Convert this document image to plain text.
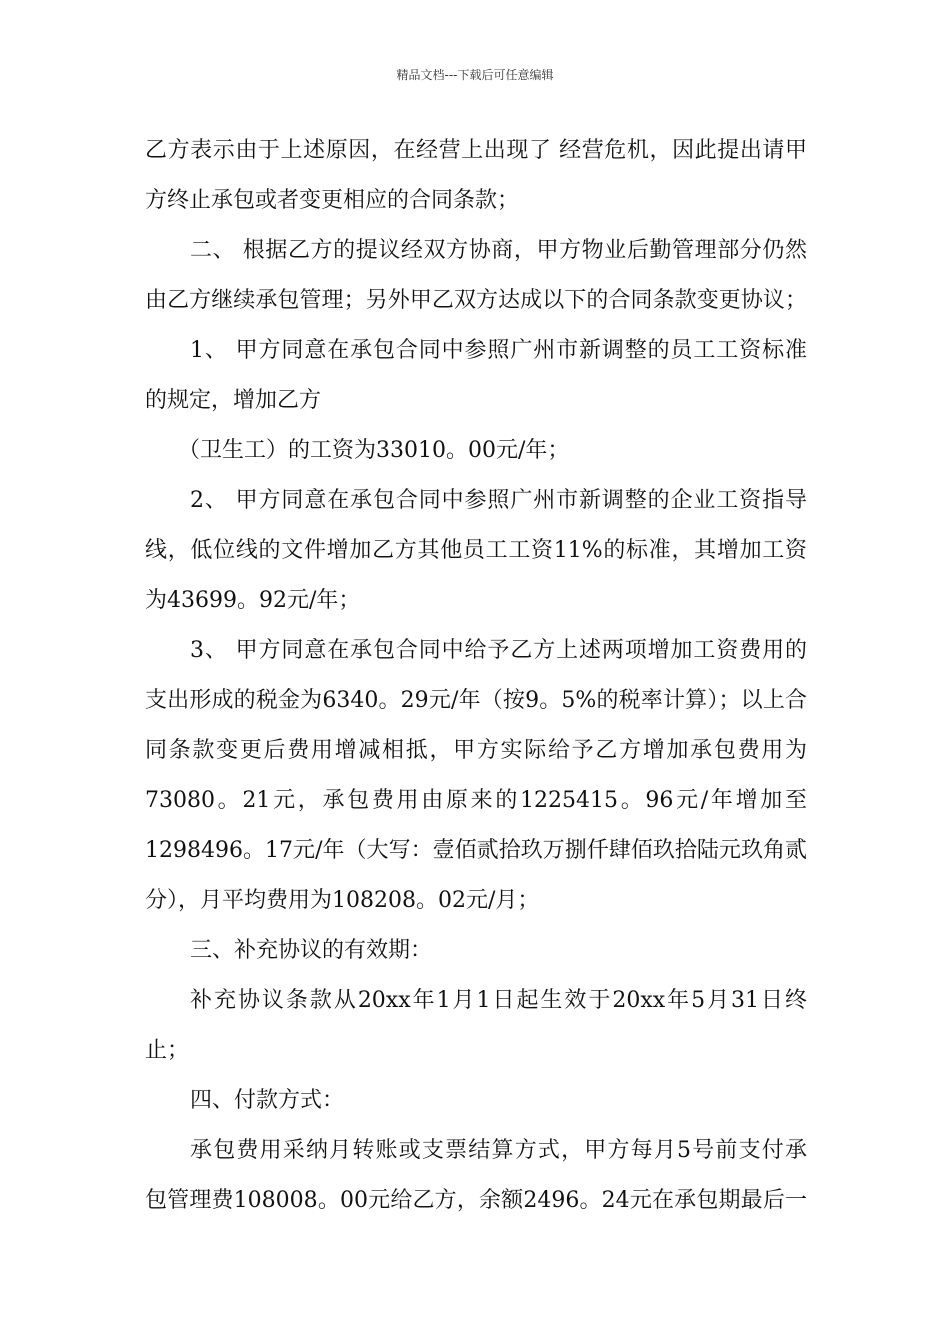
精品文档---下载后可任意编辑
乙方表示由于上述原因，在经营上出现了 经营危机，因此提出请甲
方终止承包或者变更相应的合同条款；
二、 根据乙方的提议经双方协商，甲方物业后勤管理部分仍然
由乙方继续承包管理；另外甲乙双方达成以下的合同条款变更协议；
1、 甲方同意在承包合同中参照广州市新调整的员工工资标准
的规定，增加乙方
（卫生工）的工资为33010。00元/年；
2、 甲方同意在承包合同中参照广州市新调整的企业工资指导
线，低位线的文件增加乙方其他员工工资11%的标准，其增加工资
为43699。92元/年；
3、 甲方同意在承包合同中给予乙方上述两项增加工资费用的
支出形成的税金为6340。29元/年（按9。5%的税率计算）；以上合
同条款变更后费用增减相抵，甲方实际给予乙方增加承包费用为
73080。21元，承包费用由原来的1225415。96元/年增加至
1298496。17元/年（大写：壹佰贰拾玖万捌仟肆佰玖拾陆元玖角贰
分），月平均费用为108208。02元/月；
三、补充协议的有效期：
补充协议条款从20xx年1月1日起生效于20xx年5月31日终
止；
四、付款方式：
承包费用采纳月转账或支票结算方式，甲方每月5号前支付承
包管理费108008。00元给乙方，余额2496。24元在承包期最后一
